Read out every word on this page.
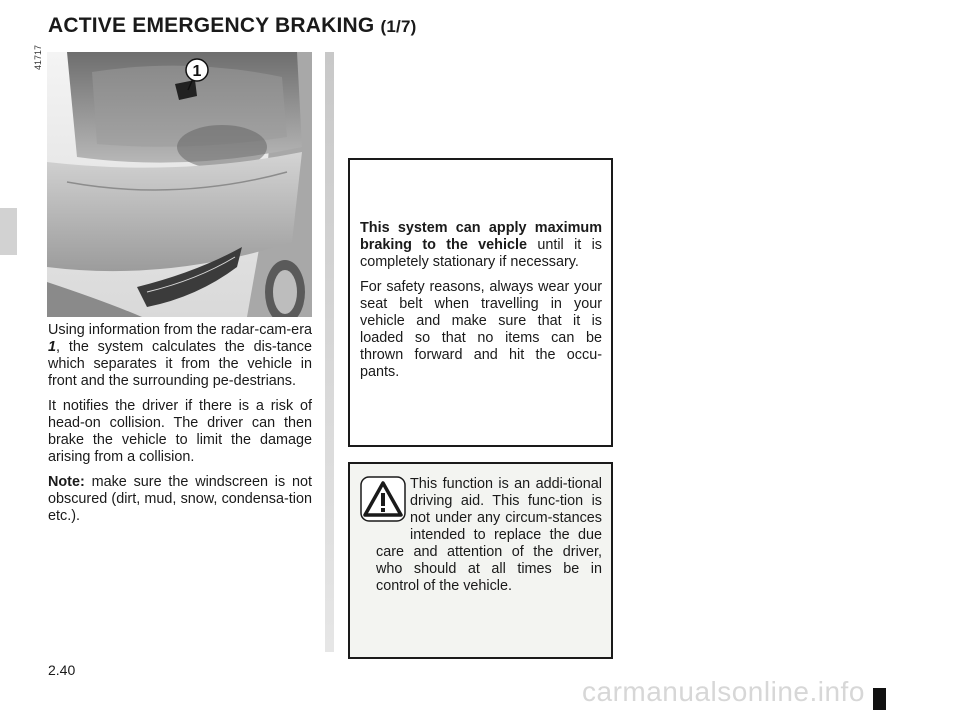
ACTIVE EMERGENCY BRAKING (1/7)
41717
1

Using information from the radar-cam-era 1, the system calculates the dis-tance which separates it from the vehicle in front and the surrounding pe-destrians.

It notifies the driver if there is a risk of head-on collision. The driver can then brake the vehicle to limit the damage arising from a collision.

Note: make sure the windscreen is not obscured (dirt, mud, snow, condensa-tion etc.).

This system can apply maximum braking to the vehicle until it is completely stationary if necessary.

For safety reasons, always wear your seat belt when travelling in your vehicle and make sure that it is loaded so that no items can be thrown forward and hit the occu-pants.

This function is an addi-tional driving aid. This func-tion is not under any circum-stances intended to replace the due care and attention of the driver, who should at all times be in control of the vehicle.
2.40
carmanualsonline.info
